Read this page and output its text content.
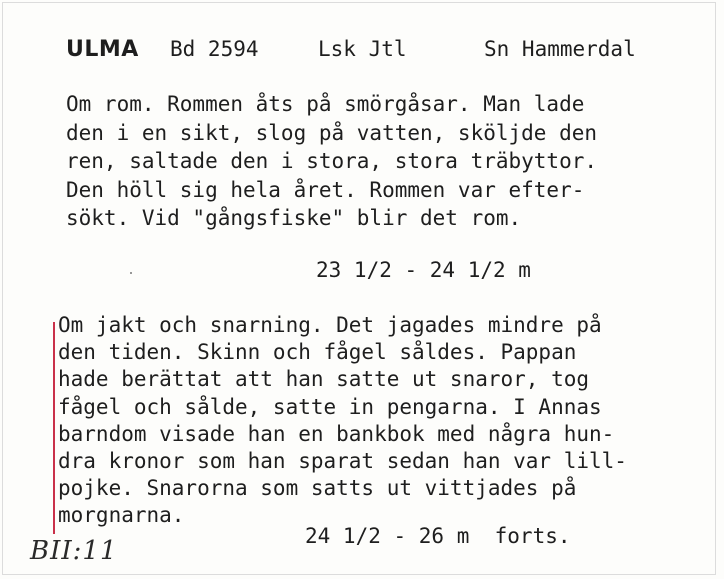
ULMA Bd 2594	Lsk Jtl	Sn Hammerdal
Om rom. Rommen åts på smörgåsar. Man lade
den i en sikt, slog på vatten, sköljde den
ren, saltade den i stora, stora träbyttor.
Den höll sig hela året. Rommen var efter-
sökt. Vid "gångsfiske" blir det rom.
23 1/2 - 24 1/2 m
Om jakt och snarning. Det jagades mindre på
den tiden. Skinn och fågel såldes. Pappan
hade berättat att han satte ut snaror, tog
fågel och sålde, satte in pengarna. I Annas
barndom visade han en bankbok med några hun-
dra kronor som han sparat sedan han var lill-
pojke. Snarorna som satts ut vittjades på
morgnarna.
24 1/2 - 26 m  forts.
BII:11
